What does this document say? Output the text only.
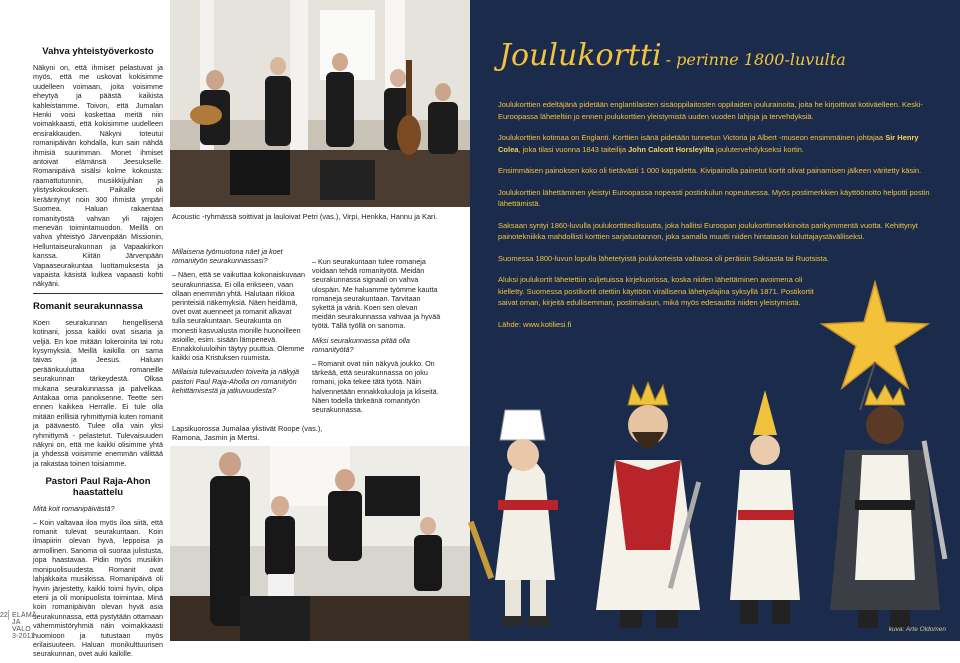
Vahva yhteistyöverkosto

Näkyni on, että ihmiset pelastuvat ja myös, että me uskovat kokisimme uudelleen voimaan, joita voisimme eheytyä ja päästä kaikista kahleistamme. Toivon, että Jumalan Henki voisi koskettaa meitä niin voimakkaasti, että kokisimme uudelleen ensirakkauden. Näkyni toteutui romanipäivän kohdalla, kun sain nähdä ihmisiä suurimman. Monet ihmiset antoivat elämänsä Jeesukselle. Romanipäivä sisälsi kolme kokousta: raamattutunnin, musiikkijuhlan ja ylistyskokouksen. Paikalle oli kerääntynyt noin 300 ihmistä ympäri Suomea. Haluan rakaentaa romanityöstä vahvan yli rajojen menevän toimintamuodon. Meillä on vahva yhteistyö Järvenpään Missionin, Helluntaiseurakunnan ja Vapaakirkon kanssa. Kiitän Järvenpään Vapaaseurakuntaa luottamuksesta ja vapaista käsistä kulkea vapaasti kohti näkyäni.

Romanit seurakunnassa

Koen seurakunnan hengellisenä kotinani, jossa kaikki ovat sisaria ja veljiä. En koe mitään lokeroinita tai rotu kysymyksiä. Meillä kaikilla on sama taivas ja Jeesus. Haluan peräänkuuluttaa romaneille seurakunnan tärkeydestä. Olkaa mukana seurakunnassa ja palvelkaa. Antakaa oma panoksenne. Teette sen ennen kaikkea Herralle. Ei tule olla mitään erillisiä ryhmittymiä kuten romanit ja päävaestö. Tulee olla vain yksi ryhmittymä - pelastetut. Tulevaisuuden näkyni on, että me kaikki olisimme yhtä ja yhdessä voisimme enemmän välittää ja rakastaa toinen toisiamme.

Pastori Paul Raja-Ahon haastattelu

Mitä koit romanipäivästä?

– Koin valtavaa iloa myös iloa siitä, että romanit tulevat seurakuntaan. Koin ilmapiirin olevan hyvä, leppoisa ja armollinen. Sanoma oli suoraa julistusta, jopa haastavaa. Pidin myös musiikin monipuolisuudesta. Romanit ovat lahjakkaita musiikissa. Romanipäivä oli hyvin järjestetty, kaikki toimi hyvin, olipa eteni ja oli monipuolista toimintaa. Minä koin romanipäivän olevan hyvä asia seurakunnassa, että pystytään ottamaan vähemmistöryhmiä näin voimakkaasti huomioon ja tutustaan myös erilaisuuteen. Haluan monikulttuurisen seurakunnan, ovet auki kaikille.

Acoustic -ryhmässä soittivat ja lauloivat Petri (vas.), Virpi, Henkka, Hannu ja Kari.

Millaisena työmuotona näet ja koet romanityön seurakunnassasi?

– Näen, että se vaikuttaa kokonaiskuvaan seurakunnassa. Ei olla erikseen, vaan ollaan enemmän yhtä. Halutaan rikkoa perinteisiä näkemyksiä. Näen heidämä, ovet ovat auenneet ja romanit alkavat tulla seurakuntaan. Seurakunta on monesti kasvualusta monille huonoilleen asioille, esim. sisään lämpenevä. Ennakkoluuloihin täytyy puuttua. Olemme kaikki osa Kristuksen ruumista.

Millaisia tulevaisuuden toiveita ja näkyjä pastori Paul Raja-Aholla on romanityön kehittämisestä ja jatkuvuudesta?

– Kun seurakuntaan tulee romaneja voidaan tehdä romanityötä. Meidän seurakunnassa signaali on vahva ulospäin. Me haluamme työmme kautta romaneja seurakuntaan. Tarvitaan sykettä ja väriä. Koen sen olevan meidän seurakunnassa vahvaa ja hyvää työtä. Tällä työllä on sanoma.

Miksi seurakunnassa pitää olla romanityötä?

– Romanit ovat niin näkyvä joukko. On tärkeää, että seurakunnassa on joku romani, joka tekee tätä työtä. Näin halvennetään ennakkoluuloja ja kliseitä. Näen todella tärkeänä romanityön seurakunnassa.

Lapsikuorossa Jumalaa ylistivät Roope (vas.), Ramona, Jasmin ja Mertsi.
22 ELÄMÄ JA VALO 3-2011
Joulukortti - perinne 1800-luvulta

Joulukorttien edeltäjänä pidetään englantilaisten sisäoppilaitosten oppilaiden joulurainoita, joita he kirjoittivat kotiväelleen. Keski-Euroopassa läheteltiin jo ennen joulukorttien yleistymistä uuden vuoden lahjoja ja tervehdyksiä.

Joulukorttien kotimaa on Englanti. Korttien isänä pidetään tunnetun Victoria ja Albert -museon ensimmäinen johtajaa Sir Henry Colea, joka tilasi vuonna 1843 taiteilija John Calcott Horsleyilta joulutervehdykseksi kortin.

Ensimmäisen painoksen koko oli tietävästi 1 000 kappaletta. Kivipainolla painetut kortit olivat painamisen jälkeen väritetty käsin.

Joulukorttien lähettäminen yleistyi Euroopassa nopeasti postinkulun nopeutuessa. Myös postimerkkien käyttöönotto helpotti postin lähettämistä.

Saksaan syntyi 1860-luvulla joulukorttiteollisuutta, joka hallitsi Euroopan joulukorttimarkkinoita parikymmentä vuotta. Kehittynyt painotekniikka mahdollisti korttien sarjatuotannon, joka samalla muutti niiden hintatason kuluttajaystävälliseksi.

Suomessa 1800-luvun lopulla lähetetyistä joulukorteista valtaosa oli peräisin Saksasta tai Ruotsista.

Aluksi joulukortit lähetettiin suljetuissa kirjekuorissa, koska niiden lähettäminen avoimena oli kielletty. Suomessa postikortit otettiin käyttöön virallisena lähetyslajina syksyllä 1871. Postikortit saivat oman, kirjeitä edullisemman, postimaksun, mikä myös edesauttoi niiden yleistymistä.

Lähde: www.kotiliesi.fi

kuva: Arte Oldomen
